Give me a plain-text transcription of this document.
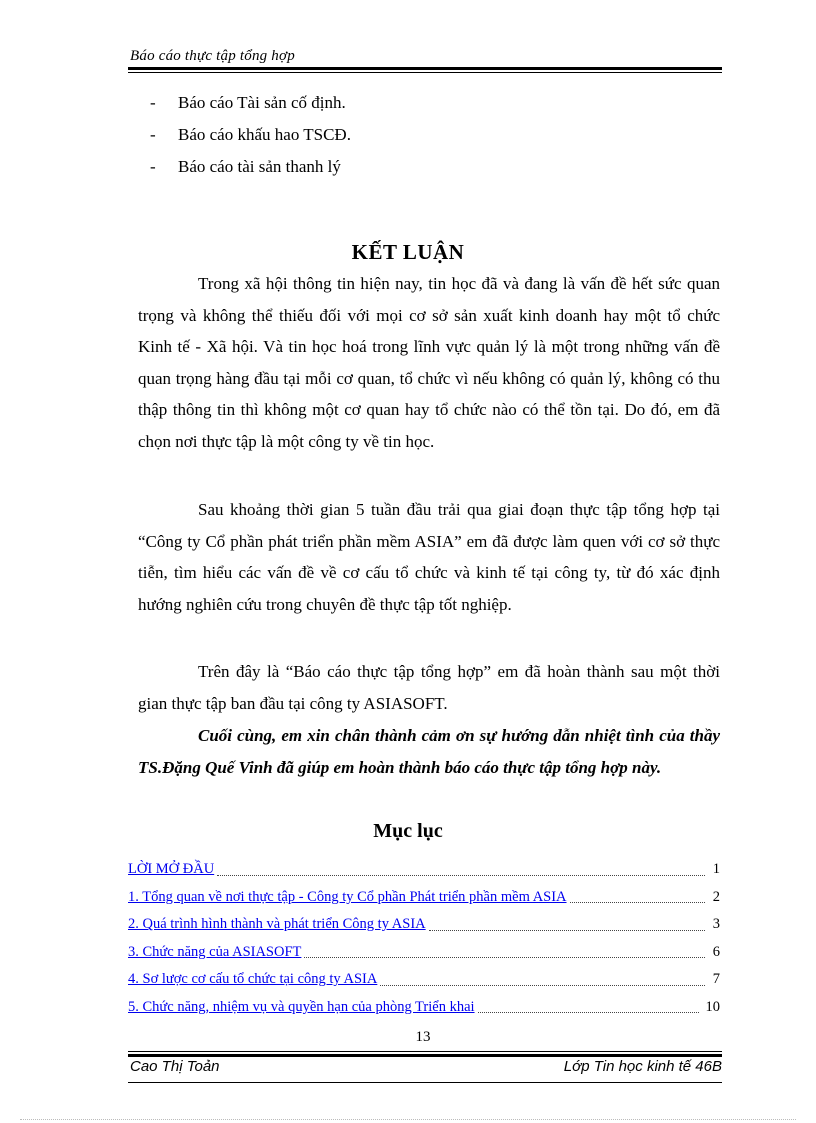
Báo cáo thực tập tổng hợp
-	Báo cáo Tài sản cố định.
-	Báo cáo khấu hao TSCĐ.
-	Báo cáo tài sản thanh lý
KẾT LUẬN

Trong xã hội thông tin hiện nay, tin học đã và đang là vấn đề hết sức quan trọng và không thể thiếu đối với mọi cơ sở sản xuất kinh doanh hay một tổ chức Kinh tế - Xã hội. Và tin học hoá trong lĩnh vực quản lý là một trong những vấn đề quan trọng hàng đầu tại mỗi cơ quan, tổ chức vì nếu không có quản lý, không có thu thập thông tin thì không một cơ quan hay tổ chức nào có thể tồn tại. Do đó, em đã chọn nơi thực tập là một công ty về tin học.

Sau khoảng thời gian 5 tuần đầu trải qua giai đoạn thực tập tổng hợp tại “Công ty Cổ phần phát triển phần mềm ASIA” em đã được làm quen với cơ sở thực tiễn, tìm hiểu các vấn đề về cơ cấu tổ chức và kinh tế tại công ty, từ đó xác định hướng nghiên cứu trong chuyên đề thực tập tốt nghiệp.

Trên đây là “Báo cáo thực tập tổng hợp” em đã hoàn thành sau một thời gian thực tập ban đầu tại công ty ASIASOFT.

Cuối cùng, em xin chân thành cảm ơn sự hướng dẫn nhiệt tình của thầy TS.Đặng Quế Vinh đã giúp em hoàn thành báo cáo thực tập tổng hợp này.

Mục lục
LỜI MỞ ĐẦU	1
1. Tổng quan về nơi thực tập - Công ty Cổ phần Phát triển phần mềm ASIA	2
2. Quá trình hình thành và phát triển Công ty ASIA	3
3. Chức năng của ASIASOFT	6
4. Sơ lược cơ cấu tổ chức tại công ty ASIA	7
5. Chức năng, nhiệm vụ và quyền hạn của phòng Triển khai	10
13
Cao Thị Toản	Lớp Tin học kinh tế 46B
